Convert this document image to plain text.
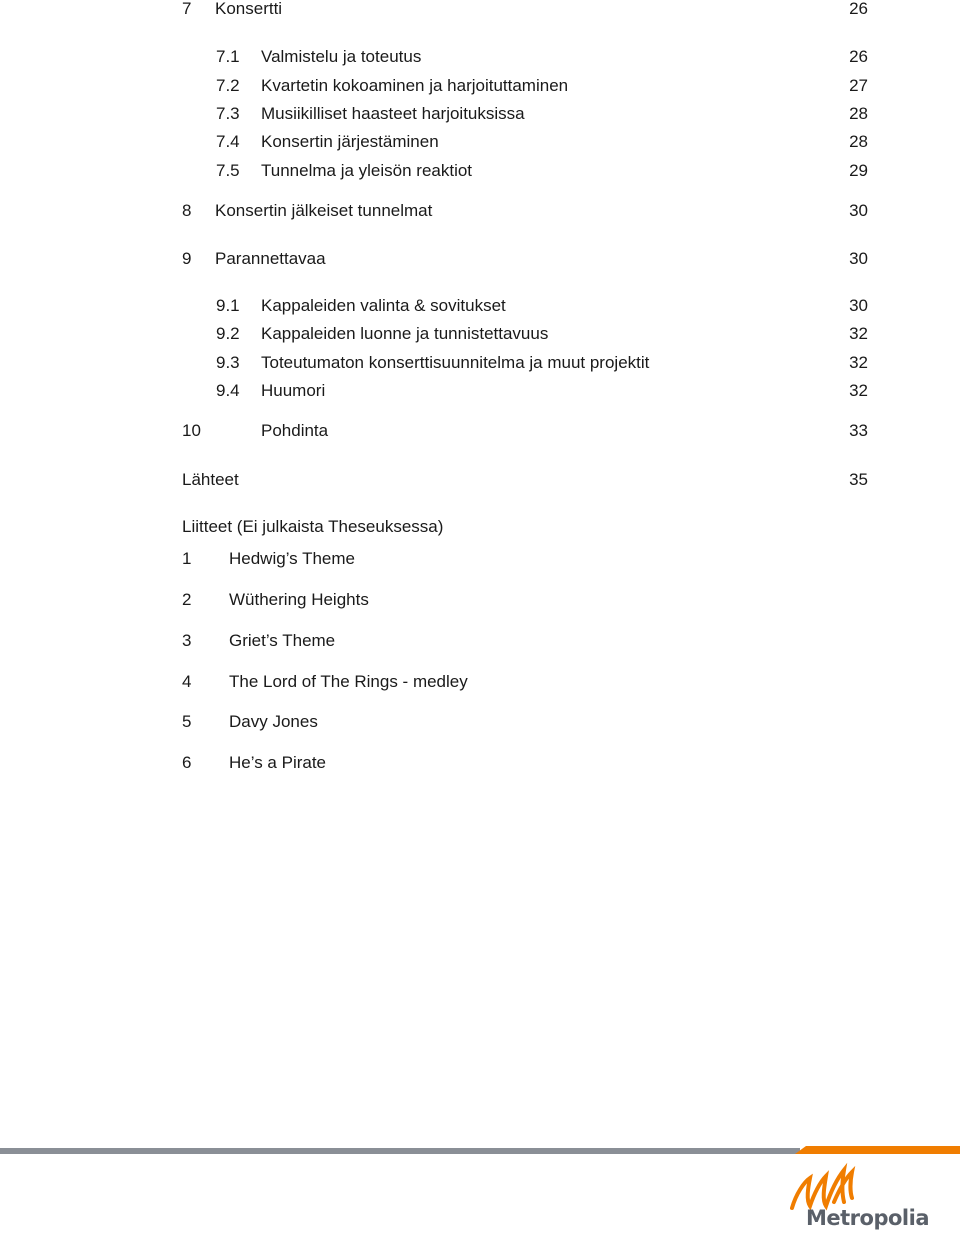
7 Konsertti	26
7.1 Valmistelu ja toteutus	26
7.2 Kvartetin kokoaminen ja harjoituttaminen	27
7.3 Musiikilliset haasteet harjoituksissa	28
7.4 Konsertin järjestäminen	28
7.5 Tunnelma ja yleisön reaktiot	29
8 Konsertin jälkeiset tunnelmat	30
9 Parannettavaa	30
9.1 Kappaleiden valinta & sovitukset	30
9.2 Kappaleiden luonne ja tunnistettavuus	32
9.3 Toteutumaton konserttisuunnitelma ja muut projektit	32
9.4 Huumori	32
10	Pohdinta	33
Lähteet	35
Liitteet (Ei julkaista Theseuksessa)
1 Hedwig’s Theme
2 Wüthering Heights
3 Griet’s Theme
4 The Lord of The Rings - medley
5 Davy Jones
6 He’s a Pirate
Metropolia
